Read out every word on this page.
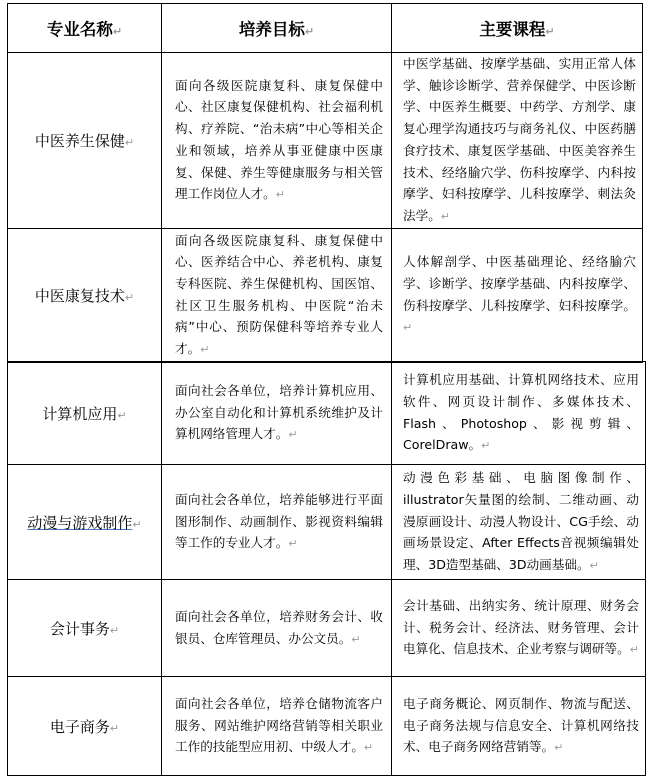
专业名称↵	培养目标↵	主要课程↵
中医养生保健↵	面向各级医院康复科、康复保健中心、社区康复保健机构、社会福利机构、疗养院、“治未病”中心等相关企业和领域，培养从事亚健康中医康复、保健、养生等健康服务与相关管理工作岗位人才。↵	中医学基础、按摩学基础、实用正常人体学、触诊诊断学、营养保健学、中医诊断学、中医养生概要、中药学、方剂学、康复心理学沟通技巧与商务礼仪、中医药膳食疗技术、康复医学基础、中医美容养生技术、经络腧穴学、伤科按摩学、内科按摩学、妇科按摩学、儿科按摩学、刺法灸法学。↵
中医康复技术↵	面向各级医院康复科、康复保健中心、医养结合中心、养老机构、康复专科医院、养生保健机构、国医馆、社区卫生服务机构、中医院“治未病”中心、预防保健科等培养专业人才。↵	人体解剖学、中医基础理论、经络腧穴学、诊断学、按摩学基础、内科按摩学、伤科按摩学、儿科按摩学、妇科按摩学。↵
计算机应用↵	面向社会各单位，培养计算机应用、办公室自动化和计算机系统维护及计算机网络管理人才。↵	计算机应用基础、计算机网络技术、应用软件、网页设计制作、多媒体技术、Flash、Photoshop、影视剪辑、CorelDraw。↵
动漫与游戏制作↵	面向社会各单位，培养能够进行平面图形制作、动画制作、影视资料编辑等工作的专业人才。↵	动漫色彩基础、电脑图像制作、illustrator矢量图的绘制、二维动画、动漫原画设计、动漫人物设计、CG手绘、动画场景设定、After Effects音视频编辑处理、3D造型基础、3D动画基础。↵
会计事务↵	面向社会各单位，培养财务会计、收银员、仓库管理员、办公文员。↵	会计基础、出纳实务、统计原理、财务会计、税务会计、经济法、财务管理、会计电算化、信息技术、企业考察与调研等。↵
电子商务↵	面向社会各单位，培养仓储物流客户服务、网站维护网络营销等相关职业工作的技能型应用初、中级人才。↵	电子商务概论、网页制作、物流与配送、电子商务法规与信息安全、计算机网络技术、电子商务网络营销等。↵
